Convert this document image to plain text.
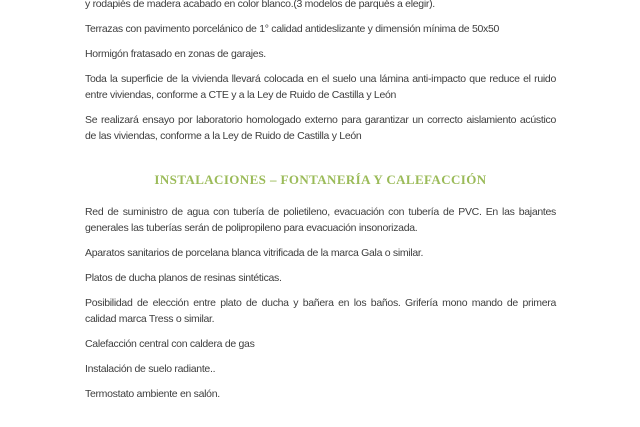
y rodapiés de madera acabado en color blanco.(3 modelos de parqués a elegir).

Terrazas con pavimento porcelánico de 1° calidad antideslizante y dimensión mínima de 50x50

Hormigón fratasado en zonas de garajes.

Toda la superficie de la vivienda llevará colocada en el suelo una lámina anti-impacto que reduce el ruido entre viviendas, conforme a CTE y a la Ley de Ruido de Castilla y León

Se realizará ensayo por laboratorio homologado externo para garantizar un correcto aislamiento acústico de las viviendas, conforme a la Ley de Ruido de Castilla y León

INSTALACIONES – FONTANERÍA Y CALEFACCIÓN

Red de suministro de agua con tubería de polietileno, evacuación con tubería de PVC. En las bajantes generales las tuberías serán de polipropileno para evacuación insonorizada.

Aparatos sanitarios de porcelana blanca vitrificada de la marca Gala o similar.

Platos de ducha planos de resinas sintéticas.

Posibilidad de elección entre plato de ducha y bañera en los baños. Grifería mono mando de primera calidad marca Tress o similar.

Calefacción central con caldera de gas

Instalación de suelo radiante..

Termostato ambiente en salón.
